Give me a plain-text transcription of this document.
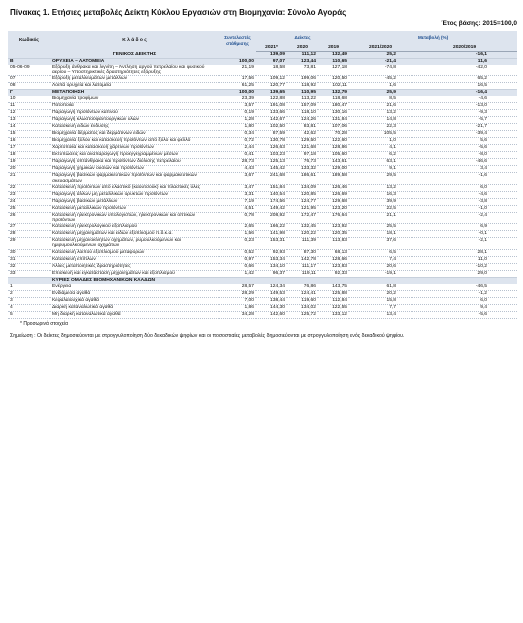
Πίνακας 1. Ετήσιες μεταβολές Δείκτη Κύκλου Εργασιών στη Βιομηχανία: Σύνολο Αγοράς
Έτος βάσης: 2015=100,0
Κωδικός	Κ λ ά δ ο ς	Συντελεστές στάθμισης	Δείκτες			Μεταβολή (%)	
			2021*	2020	2019	2021/2020	2020/2019
	ΓΕΝΙΚΟΣ ΔΕΙΚΤΗΣ		139,09	111,12	132,49	25,2	-16,1
B	ΟΡΥΧΕΙΑ – ΛΑΤΟΜΕΙΑ	100,00	97,07	123,44	110,65	-21,4	11,6
05-06-09	Εξόρυξη άνθρακα και λιγνίτη – Άντληση αργού πετρελαίου και φυσικού αερίου – Υποστηρικτικές δραστηριότητες εξόρυξης	21,19	18,58	73,81	127,18	-74,8	-42,0
07	Εξόρυξη μεταλλευμάτων μετάλλων	17,56	109,12	199,06	120,50	-45,2	65,2
08	Λοιπά ορυχεία και λατομεία	61,25	120,77	118,92	102,11	1,6	16,5
Γ	ΜΕΤΑΠΟΙΗΣΗ	100,00	139,65	110,95	132,79	25,9	-16,4
10	Βιομηχανία τροφίμων	23,39	122,88	113,22	118,68	8,5	-4,6
11	Ποτοποιία	3,57	191,08	157,09	180,47	21,6	-13,0
12	Παραγωγή προϊόντων καπνού	0,19	133,66	118,10	130,16	13,2	-9,3
13	Παραγωγή κλωστοϋφαντουργικών υλών	1,28	142,67	124,26	131,84	14,8	-5,7
14	Κατασκευή ειδών ένδυσης	1,80	102,50	83,81	107,06	22,3	-21,7
15	Βιομηχανία δέρματος και δερμάτινων ειδών	0,34	87,59	42,62	70,28	105,5	-39,4
16	Βιομηχανία ξύλου και κατασκευή προϊόντων από ξύλο και φελλό	0,72	130,78	129,50	122,60	1,0	5,6
17	Χαρτοποιία και κατασκευή χάρτινων προϊόντων	2,44	126,63	121,68	128,86	4,1	-5,6
18	Εκτυπώσεις και αναπαραγωγή προεγγεγραμμένων μέσων	0,41	103,23	97,18	105,60	6,2	-8,0
19	Παραγωγή οπτάνθρακα και προϊόντων διύλισης πετρελαίου	28,73	125,13	76,73	143,61	63,1	-46,6
20	Παραγωγή χημικών ουσιών και προϊόντων	4,43	145,42	133,32	129,00	9,1	3,4
21	Παραγωγή βασικών φαρμακευτικών προϊόντων και φαρμακευτικών σκευασμάτων	3,67	241,68	186,61	189,58	29,5	-1,6
22	Κατασκευή προϊόντων από ελαστικό (καουτσούκ) και πλαστικές ύλες	3,47	151,84	134,09	126,46	13,2	6,0
23	Παραγωγή άλλων μη μεταλλικών ορυκτών προϊόντων	3,31	140,54	120,85	126,69	16,3	-4,6
24	Παραγωγή βασικών μετάλλων	7,19	174,56	124,77	129,68	39,9	-3,8
25	Κατασκευή μεταλλικών προϊόντων	4,51	149,42	121,95	123,20	22,5	-1,0
26	Κατασκευή ηλεκτρονικών υπολογιστών, ηλεκτρονικών και οπτικών προϊόντων	0,78	208,92	172,47	176,64	21,1	-2,4
27	Κατασκευή ηλεκτρολογικού εξοπλισμού	2,65	166,22	132,45	123,92	25,5	6,9
28	Κατασκευή μηχανημάτων και ειδών εξοπλισμού π.δ.κ.α.	1,56	141,98	120,22	120,35	18,1	-0,1
29	Κατασκευή μηχανοκίνητων οχημάτων, ρυμουλκούμενων και ημιρυμουλκούμενων οχημάτων	0,23	153,31	111,39	113,83	37,6	-2,1
30	Κατασκευή λοιπού εξοπλισμού μεταφορών	0,52	92,93	87,30	68,13	6,5	28,1
31	Κατασκευή επίπλων	0,97	153,34	142,78	128,66	7,4	11,0
32	Άλλες μεταποιητικές δραστηριότητες	0,66	134,10	111,17	123,83	20,6	-10,2
33	Επισκευή και εγκατάσταση μηχανημάτων και εξοπλισμού	1,42	96,37	119,11	92,33	-19,1	29,0
	ΚΥΡΙΕΣ ΟΜΑΔΕΣ ΒΙΟΜΗΧΑΝΙΚΩΝ ΚΛΑΔΩΝ						
1	Ενέργεια	28,57	124,34	76,86	143,75	61,8	-46,5
2	Ενδιάμεσα αγαθά	28,29	149,53	124,41	125,88	20,2	-1,2
3	Κεφαλαιουχικά αγαθά	7,00	138,44	119,60	112,84	15,8	6,0
4	Διαρκή καταναλωτικά αγαθά	1,86	144,30	134,02	122,55	7,7	9,4
5	Μη διαρκή καταναλωτικά αγαθά	34,28	142,60	125,72	133,12	13,4	-5,6
* Προσωρινά στοιχεία
Σημείωση : Οι δείκτες δημοσιεύονται με στρογγυλοποίηση δύο δεκαδικών ψηφίων και οι ποσοστιαίες μεταβολές δημοσιεύονται με στρογγυλοποίηση ενός δεκαδικού ψηφίου.
